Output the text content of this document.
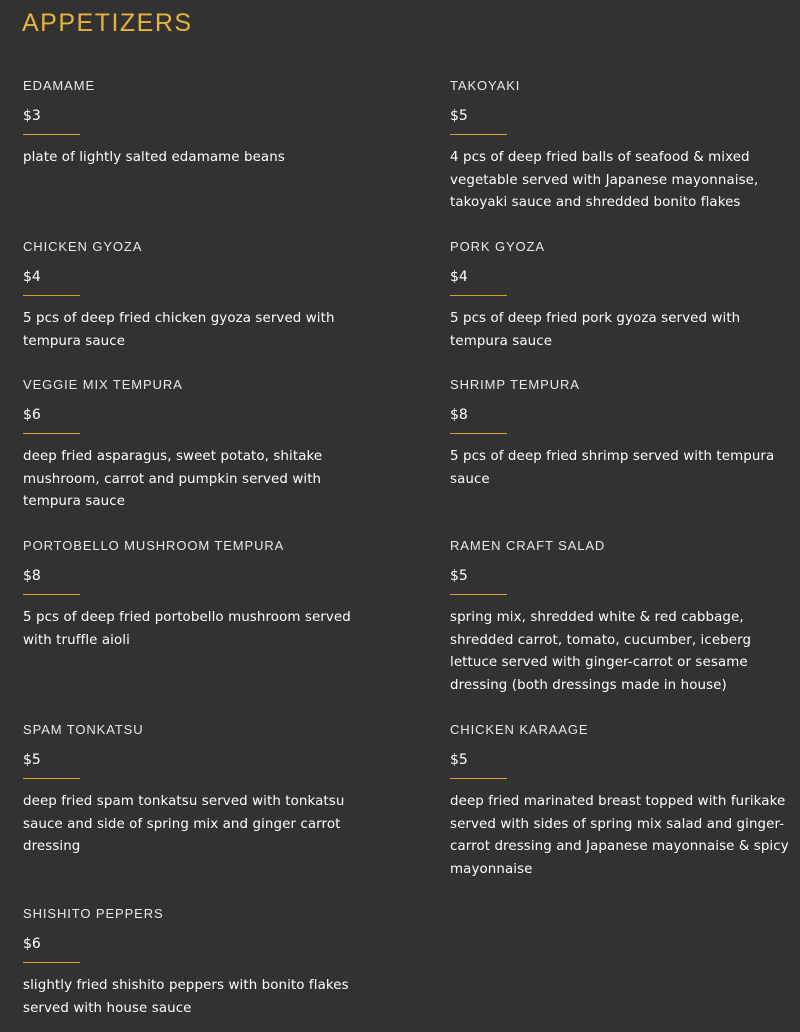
APPETIZERS
EDAMAME
$3
plate of lightly salted edamame beans
TAKOYAKI
$5
4 pcs of deep fried balls of seafood & mixed vegetable served with Japanese mayonnaise, takoyaki sauce and shredded bonito flakes
CHICKEN GYOZA
$4
5 pcs of deep fried chicken gyoza served with tempura sauce
PORK GYOZA
$4
5 pcs of deep fried pork gyoza served with tempura sauce
VEGGIE MIX TEMPURA
$6
deep fried asparagus, sweet potato, shitake mushroom, carrot and pumpkin served with tempura sauce
SHRIMP TEMPURA
$8
5 pcs of deep fried shrimp served with tempura sauce
PORTOBELLO MUSHROOM TEMPURA
$8
5 pcs of deep fried portobello mushroom served with truffle aioli
RAMEN CRAFT SALAD
$5
spring mix, shredded white & red cabbage, shredded carrot, tomato, cucumber, iceberg lettuce served with ginger-carrot or sesame dressing (both dressings made in house)
SPAM TONKATSU
$5
deep fried spam tonkatsu served with tonkatsu sauce and side of spring mix and ginger carrot dressing
CHICKEN KARAAGE
$5
deep fried marinated breast topped with furikake served with sides of spring mix salad and ginger-carrot dressing and Japanese mayonnaise & spicy mayonnaise
SHISHITO PEPPERS
$6
slightly fried shishito peppers with bonito flakes served with house sauce
